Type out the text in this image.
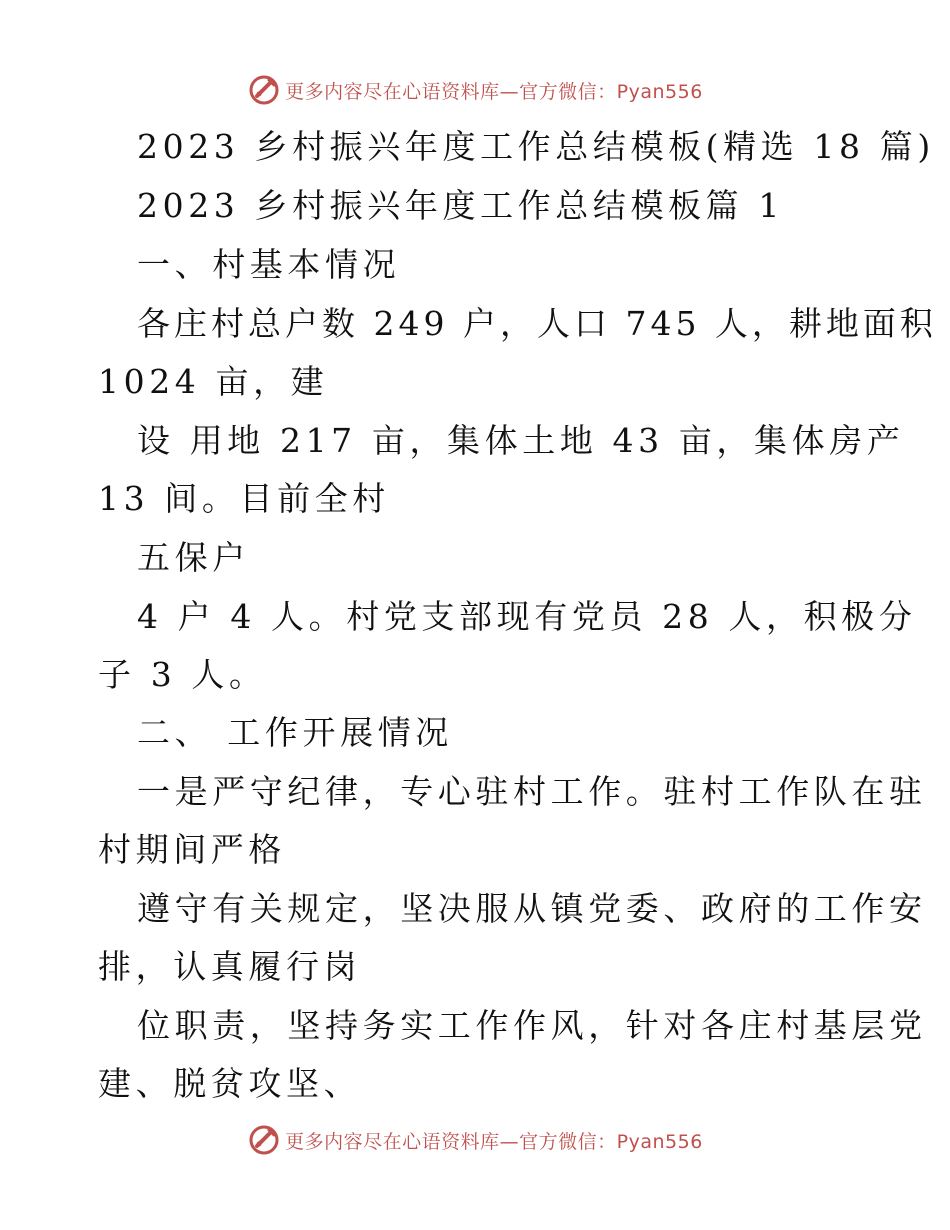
更多内容尽在心语资料库—官方微信：Pyan556
2023 乡村振兴年度工作总结模板(精选 18 篇)
2023 乡村振兴年度工作总结模板篇 1
一、村基本情况
各庄村总户数 249 户，人口 745 人，耕地面积
1024 亩，建
设 用地 217 亩，集体土地 43 亩，集体房产
13 间。目前全村
五保户
4 户 4 人。村党支部现有党员 28 人，积极分
子 3 人。
二、 工作开展情况
一是严守纪律，专心驻村工作。驻村工作队在驻
村期间严格
遵守有关规定，坚决服从镇党委、政府的工作安
排，认真履行岗
位职责，坚持务实工作作风，针对各庄村基层党
建、脱贫攻坚、
更多内容尽在心语资料库—官方微信：Pyan556
